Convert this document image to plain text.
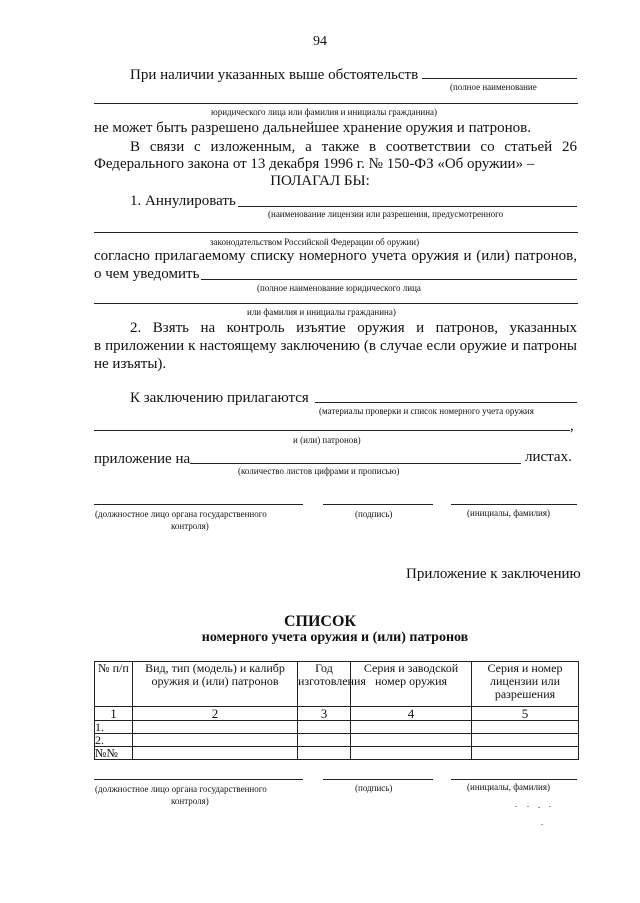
94
При наличии указанных выше обстоятельств
(полное наименование
юридического лица или фамилия и инициалы гражданина)
не может быть разрешено дальнейшее хранение оружия и патронов.
В связи с изложенным, а также в соответствии со статьей 26
Федерального закона от 13 декабря 1996 г. № 150-ФЗ «Об оружии» –
ПОЛАГАЛ БЫ:
1. Аннулировать
(наименование лицензии или разрешения, предусмотренного
законодательством Российской Федерации об оружии)
согласно прилагаемому списку номерного учета оружия и (или) патронов,
о чем уведомить
(полное наименование юридического лица
или фамилия и инициалы гражданина)
2. Взять на контроль изъятие оружия и патронов, указанных
в приложении к настоящему заключению (в случае если оружие и патроны
не изъяты).
К заключению прилагаются
(материалы проверки и список номерного учета оружия
,
и (или) патронов)
приложение на	листах.
(количество листов цифрами и прописью)
(должностное лицо органа государственного
контроля)
(подпись)	(инициалы, фамилия)
Приложение к заключению
СПИСОК
номерного учета оружия и (или) патронов
№ п/п	Вид, тип (модель) и калибр оружия и (или) патронов	Год изготовления	Серия и заводской номер оружия	Серия и номер лицензии или разрешения
1	2	3	4	5
1.				
2.				
№№				
(должностное лицо органа государственного
контроля)
(подпись)	(инициалы, фамилия)
